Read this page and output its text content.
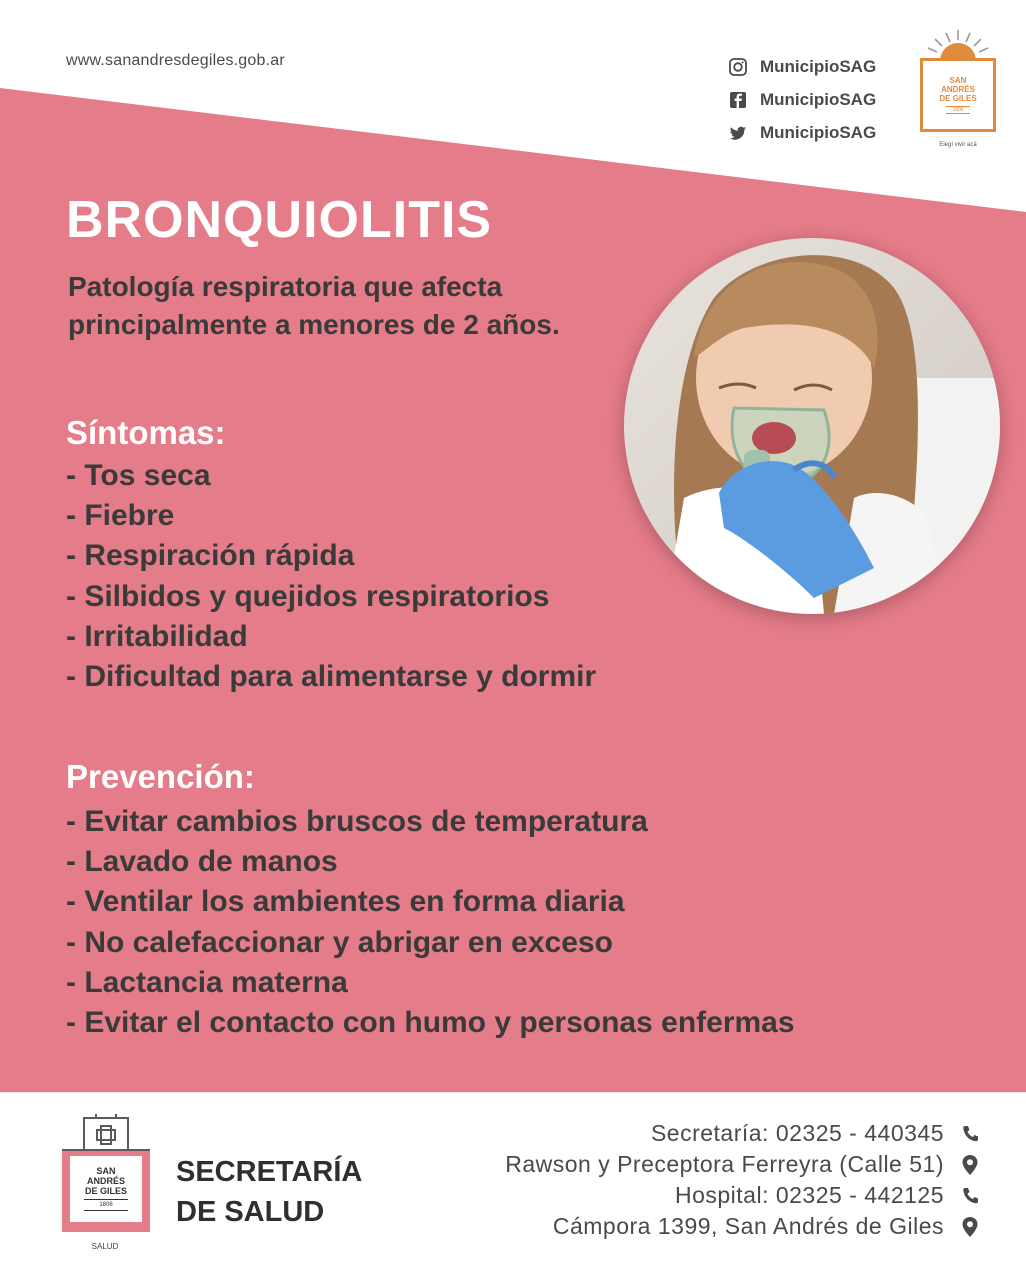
www.sanandresdegiles.gob.ar	MunicipioSAG
MunicipioSAG
MunicipioSAG
SAN
ANDRÉS
DE GILES
1806
Elegí vivir acá
BRONQUIOLITIS
Patología respiratoria que afecta principalmente a menores de 2 años.
Síntomas:
- Tos seca
- Fiebre
- Respiración rápida
- Silbidos y quejidos respiratorios
- Irritabilidad
- Dificultad para alimentarse y dormir
Prevención:
- Evitar cambios bruscos de temperatura
- Lavado de manos
- Ventilar los ambientes en forma diaria
- No calefaccionar y abrigar en exceso
- Lactancia materna
- Evitar el contacto con humo y personas enfermas
SAN
ANDRÉS
DE GILES
1806
SALUD
SECRETARÍA
DE SALUD
Secretaría: 02325 - 440345
Rawson y Preceptora Ferreyra (Calle 51)
Hospital: 02325 - 442125
Cámpora 1399, San Andrés de Giles
